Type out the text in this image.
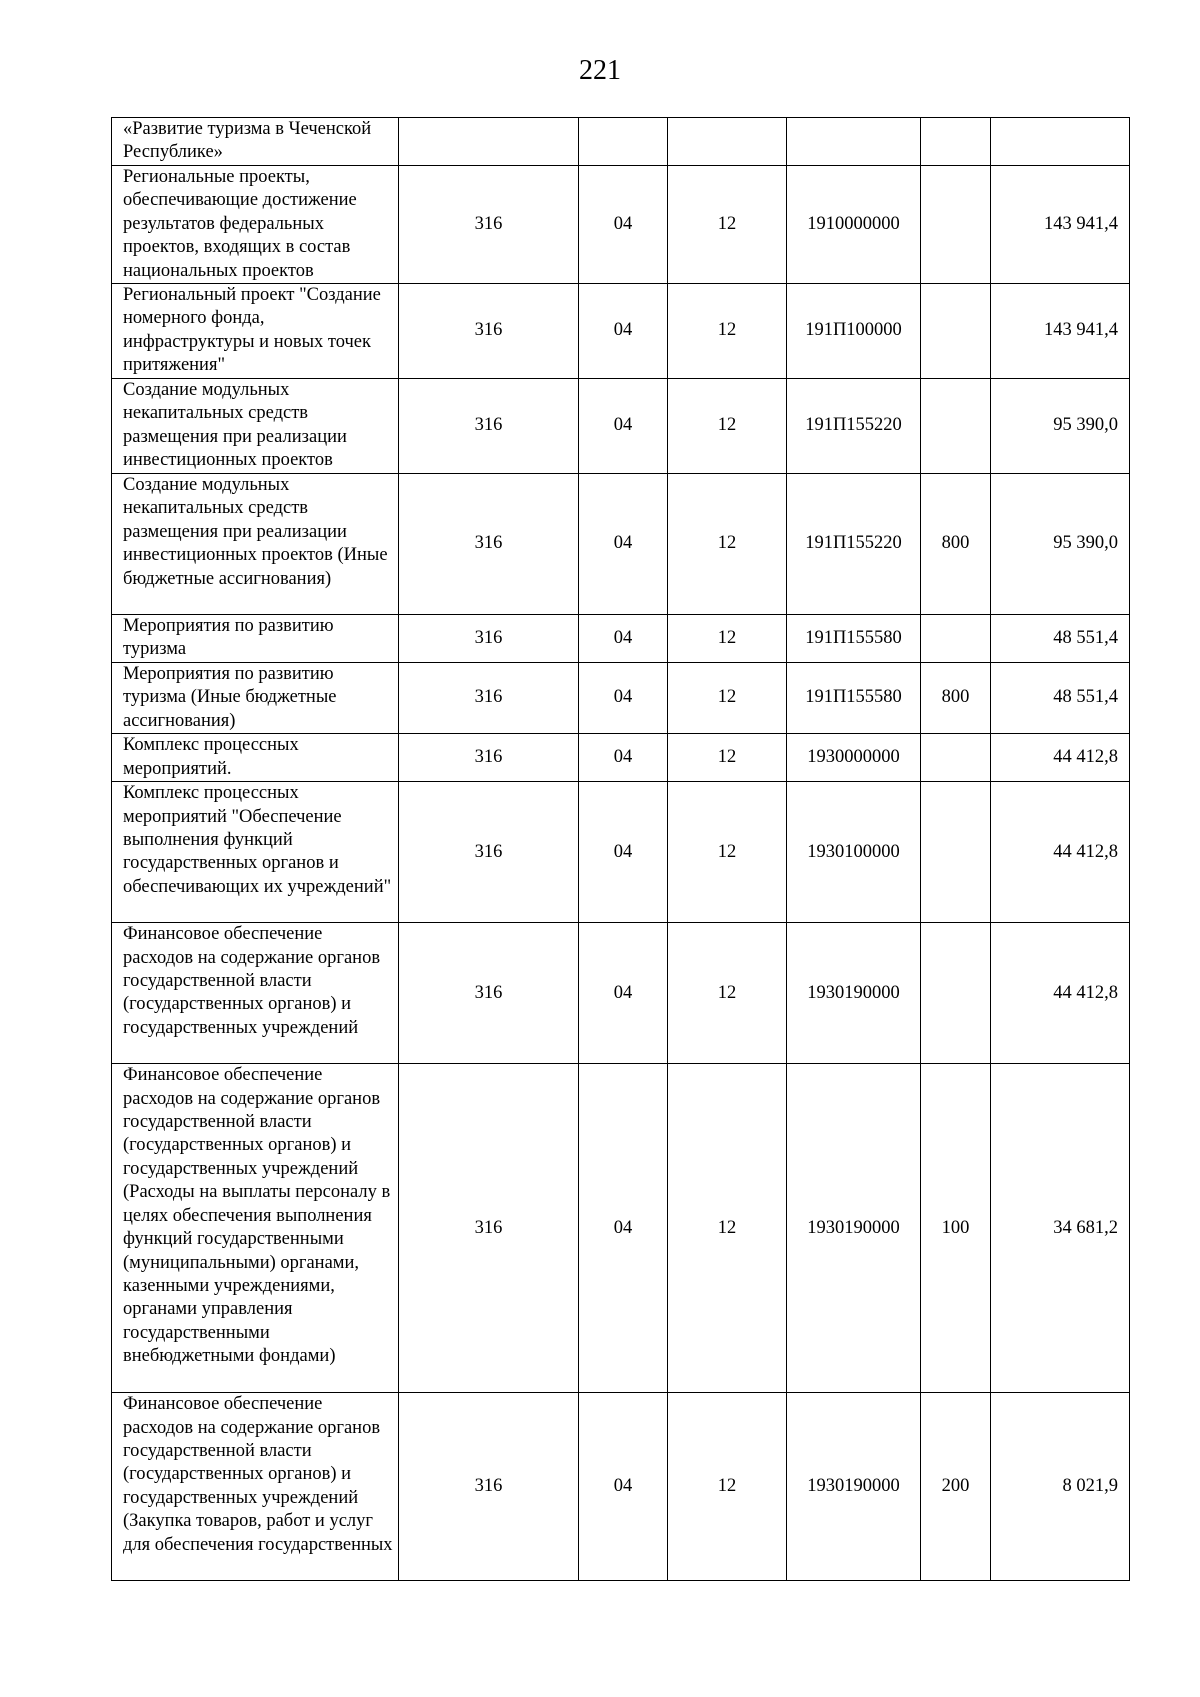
221
«Развитие туризма в Чеченской Республике»						
Региональные проекты, обеспечивающие достижение результатов федеральных проектов, входящих в состав национальных проектов	316	04	12	1910000000		143 941,4
Региональный проект "Создание номерного фонда, инфраструктуры и новых точек притяжения"	316	04	12	191П100000		143 941,4
Создание модульных некапитальных средств размещения при реализации инвестиционных проектов	316	04	12	191П155220		95 390,0
Создание модульных некапитальных средств размещения при реализации инвестиционных проектов (Иные бюджетные ассигнования)	316	04	12	191П155220	800	95 390,0
Мероприятия по развитию туризма	316	04	12	191П155580		48 551,4
Мероприятия по развитию туризма (Иные бюджетные ассигнования)	316	04	12	191П155580	800	48 551,4
Комплекс процессных мероприятий.	316	04	12	1930000000		44 412,8
Комплекс процессных мероприятий "Обеспечение выполнения функций государственных органов и обеспечивающих их учреждений"	316	04	12	1930100000		44 412,8
Финансовое обеспечение расходов на содержание органов государственной власти (государственных органов) и государственных учреждений	316	04	12	1930190000		44 412,8
Финансовое обеспечение расходов на содержание органов государственной власти (государственных органов) и государственных учреждений (Расходы на выплаты персоналу в целях обеспечения выполнения функций государственными (муниципальными) органами, казенными учреждениями, органами управления государственными внебюджетными фондами)	316	04	12	1930190000	100	34 681,2
Финансовое обеспечение расходов на содержание органов государственной власти (государственных органов) и государственных учреждений (Закупка товаров, работ и услуг для обеспечения государственных	316	04	12	1930190000	200	8 021,9
